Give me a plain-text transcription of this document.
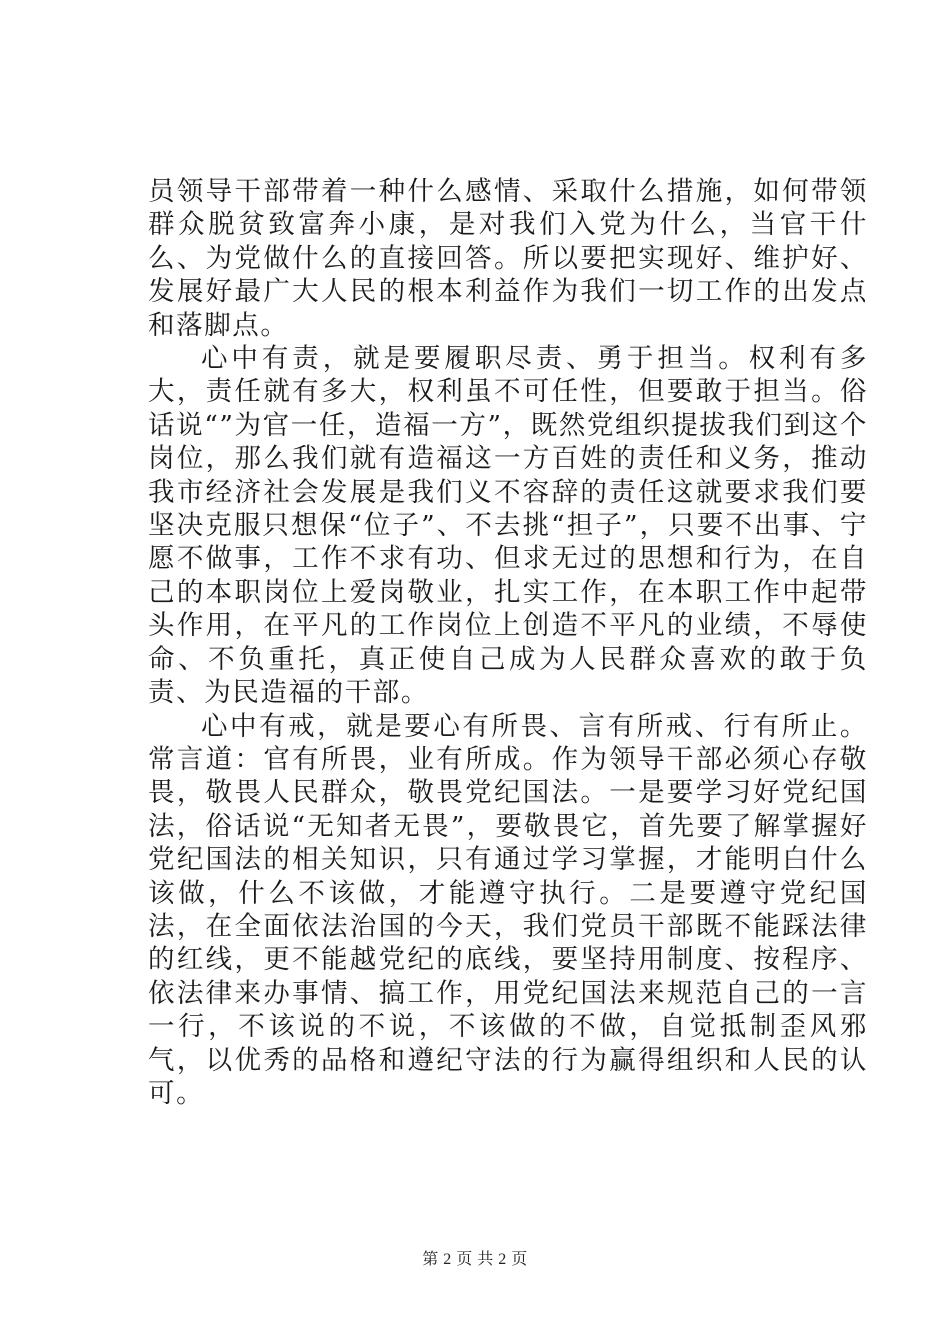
员领导干部带着一种什么感情、采取什么措施，如何带领群众脱贫致富奔小康，是对我们入党为什么，当官干什么、为党做什么的直接回答。所以要把实现好、维护好、发展好最广大人民的根本利益作为我们一切工作的出发点和落脚点。

心中有责，就是要履职尽责、勇于担当。权利有多大，责任就有多大，权利虽不可任性，但要敢于担当。俗话说“”为官一任，造福一方”，既然党组织提拔我们到这个岗位，那么我们就有造福这一方百姓的责任和义务，推动我市经济社会发展是我们义不容辞的责任这就要求我们要坚决克服只想保“位子”、不去挑“担子”，只要不出事、宁愿不做事，工作不求有功、但求无过的思想和行为，在自己的本职岗位上爱岗敬业，扎实工作，在本职工作中起带头作用，在平凡的工作岗位上创造不平凡的业绩，不辱使命、不负重托，真正使自己成为人民群众喜欢的敢于负责、为民造福的干部。

心中有戒，就是要心有所畏、言有所戒、行有所止。常言道：官有所畏，业有所成。作为领导干部必须心存敬畏，敬畏人民群众，敬畏党纪国法。一是要学习好党纪国法，俗话说“无知者无畏”，要敬畏它，首先要了解掌握好党纪国法的相关知识，只有通过学习掌握，才能明白什么该做，什么不该做，才能遵守执行。二是要遵守党纪国法，在全面依法治国的今天，我们党员干部既不能踩法律的红线，更不能越党纪的底线，要坚持用制度、按程序、依法律来办事情、搞工作，用党纪国法来规范自己的一言一行，不该说的不说，不该做的不做，自觉抵制歪风邪气，以优秀的品格和遵纪守法的行为赢得组织和人民的认可。

第 2 页 共 2 页
